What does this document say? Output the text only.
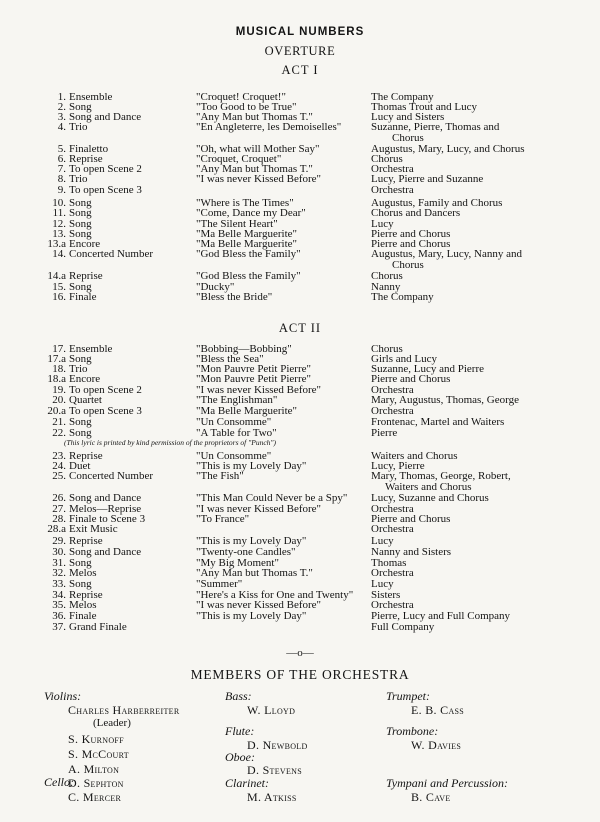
MUSICAL NUMBERS
OVERTURE
ACT I
1. Ensemble	"Croquet! Croquet!"	The Company
2. Song	"Too Good to be True"	Thomas Trout and Lucy
3. Song and Dance	"Any Man but Thomas T."	Lucy and Sisters
4. Trio	"En Angleterre, les Demoiselles"	Suzanne, Pierre, Thomas and
Chorus
5. Finaletto	"Oh, what will Mother Say"	Augustus, Mary, Lucy, and Chorus
6. Reprise	"Croquet, Croquet"	Chorus
7. To open Scene 2	"Any Man but Thomas T."	Orchestra
8. Trio	"I was never Kissed Before"	Lucy, Pierre and Suzanne
9. To open Scene 3	Orchestra
10. Song	"Where is The Times"	Augustus, Family and Chorus
11. Song	"Come, Dance my Dear"	Chorus and Dancers
12. Song	"The Silent Heart"	Lucy
13. Song	"Ma Belle Marguerite"	Pierre and Chorus
13.a Encore	"Ma Belle Marguerite"	Pierre and Chorus
14. Concerted Number	"God Bless the Family"	Augustus, Mary, Lucy, Nanny and
Chorus
14.a Reprise	"God Bless the Family"	Chorus
15. Song	"Ducky"	Nanny
16. Finale	"Bless the Bride"	The Company
ACT II
17. Ensemble	"Bobbing—Bobbing"	Chorus
17.a Song	"Bless the Sea"	Girls and Lucy
18. Trio	"Mon Pauvre Petit Pierre"	Suzanne, Lucy and Pierre
18.a Encore	"Mon Pauvre Petit Pierre"	Pierre and Chorus
19. To open Scene 2	"I was never Kissed Before"	Orchestra
20. Quartet	"The Englishman"	Mary, Augustus, Thomas, George
20.a To open Scene 3	"Ma Belle Marguerite"	Orchestra
21. Song	"Un Consomme"	Frontenac, Martel and Waiters
22. Song	"A Table for Two"	Pierre
23. Reprise	"Un Consomme"	Waiters and Chorus
24. Duet	"This is my Lovely Day"	Lucy, Pierre
25. Concerted Number	"The Fish"	Mary, Thomas, George, Robert,
Waiters and Chorus
26. Song and Dance	"This Man Could Never be a Spy" Lucy, Suzanne and Chorus
27. Melos—Reprise	"I was never Kissed Before"	Orchestra
28. Finale to Scene 3	"To France"	Pierre and Chorus
28.a Exit Music	Orchestra
29. Reprise	"This is my Lovely Day"	Lucy
30. Song and Dance	"Twenty-one Candles"	Nanny and Sisters
31. Song	"My Big Moment"	Thomas
32. Melos	"Any Man but Thomas T."	Orchestra
33. Song	"Summer"	Lucy
34. Reprise	"Here's a Kiss for One and Twenty" Sisters
35. Melos	"I was never Kissed Before"	Orchestra
36. Finale	"This is my Lovely Day"	Pierre, Lucy and Full Company
37. Grand Finale	Full Company
(This lyric is printed by kind permission of the proprietors of "Punch")
—o—
MEMBERS OF THE ORCHESTRA
Violins:
Charles Harberreiter
(Leader)
S. Kurnoff
S. McCourt
A. Milton
D. Sephton
Cello:
C. Mercer
Bass:
W. Lloyd
Flute:
D. Newbold
Oboe:
D. Stevens
Clarinet:
M. Atkiss
Trumpet:
E. B. Cass
Trombone:
W. Davies
Tympani and Percussion:
B. Cave
